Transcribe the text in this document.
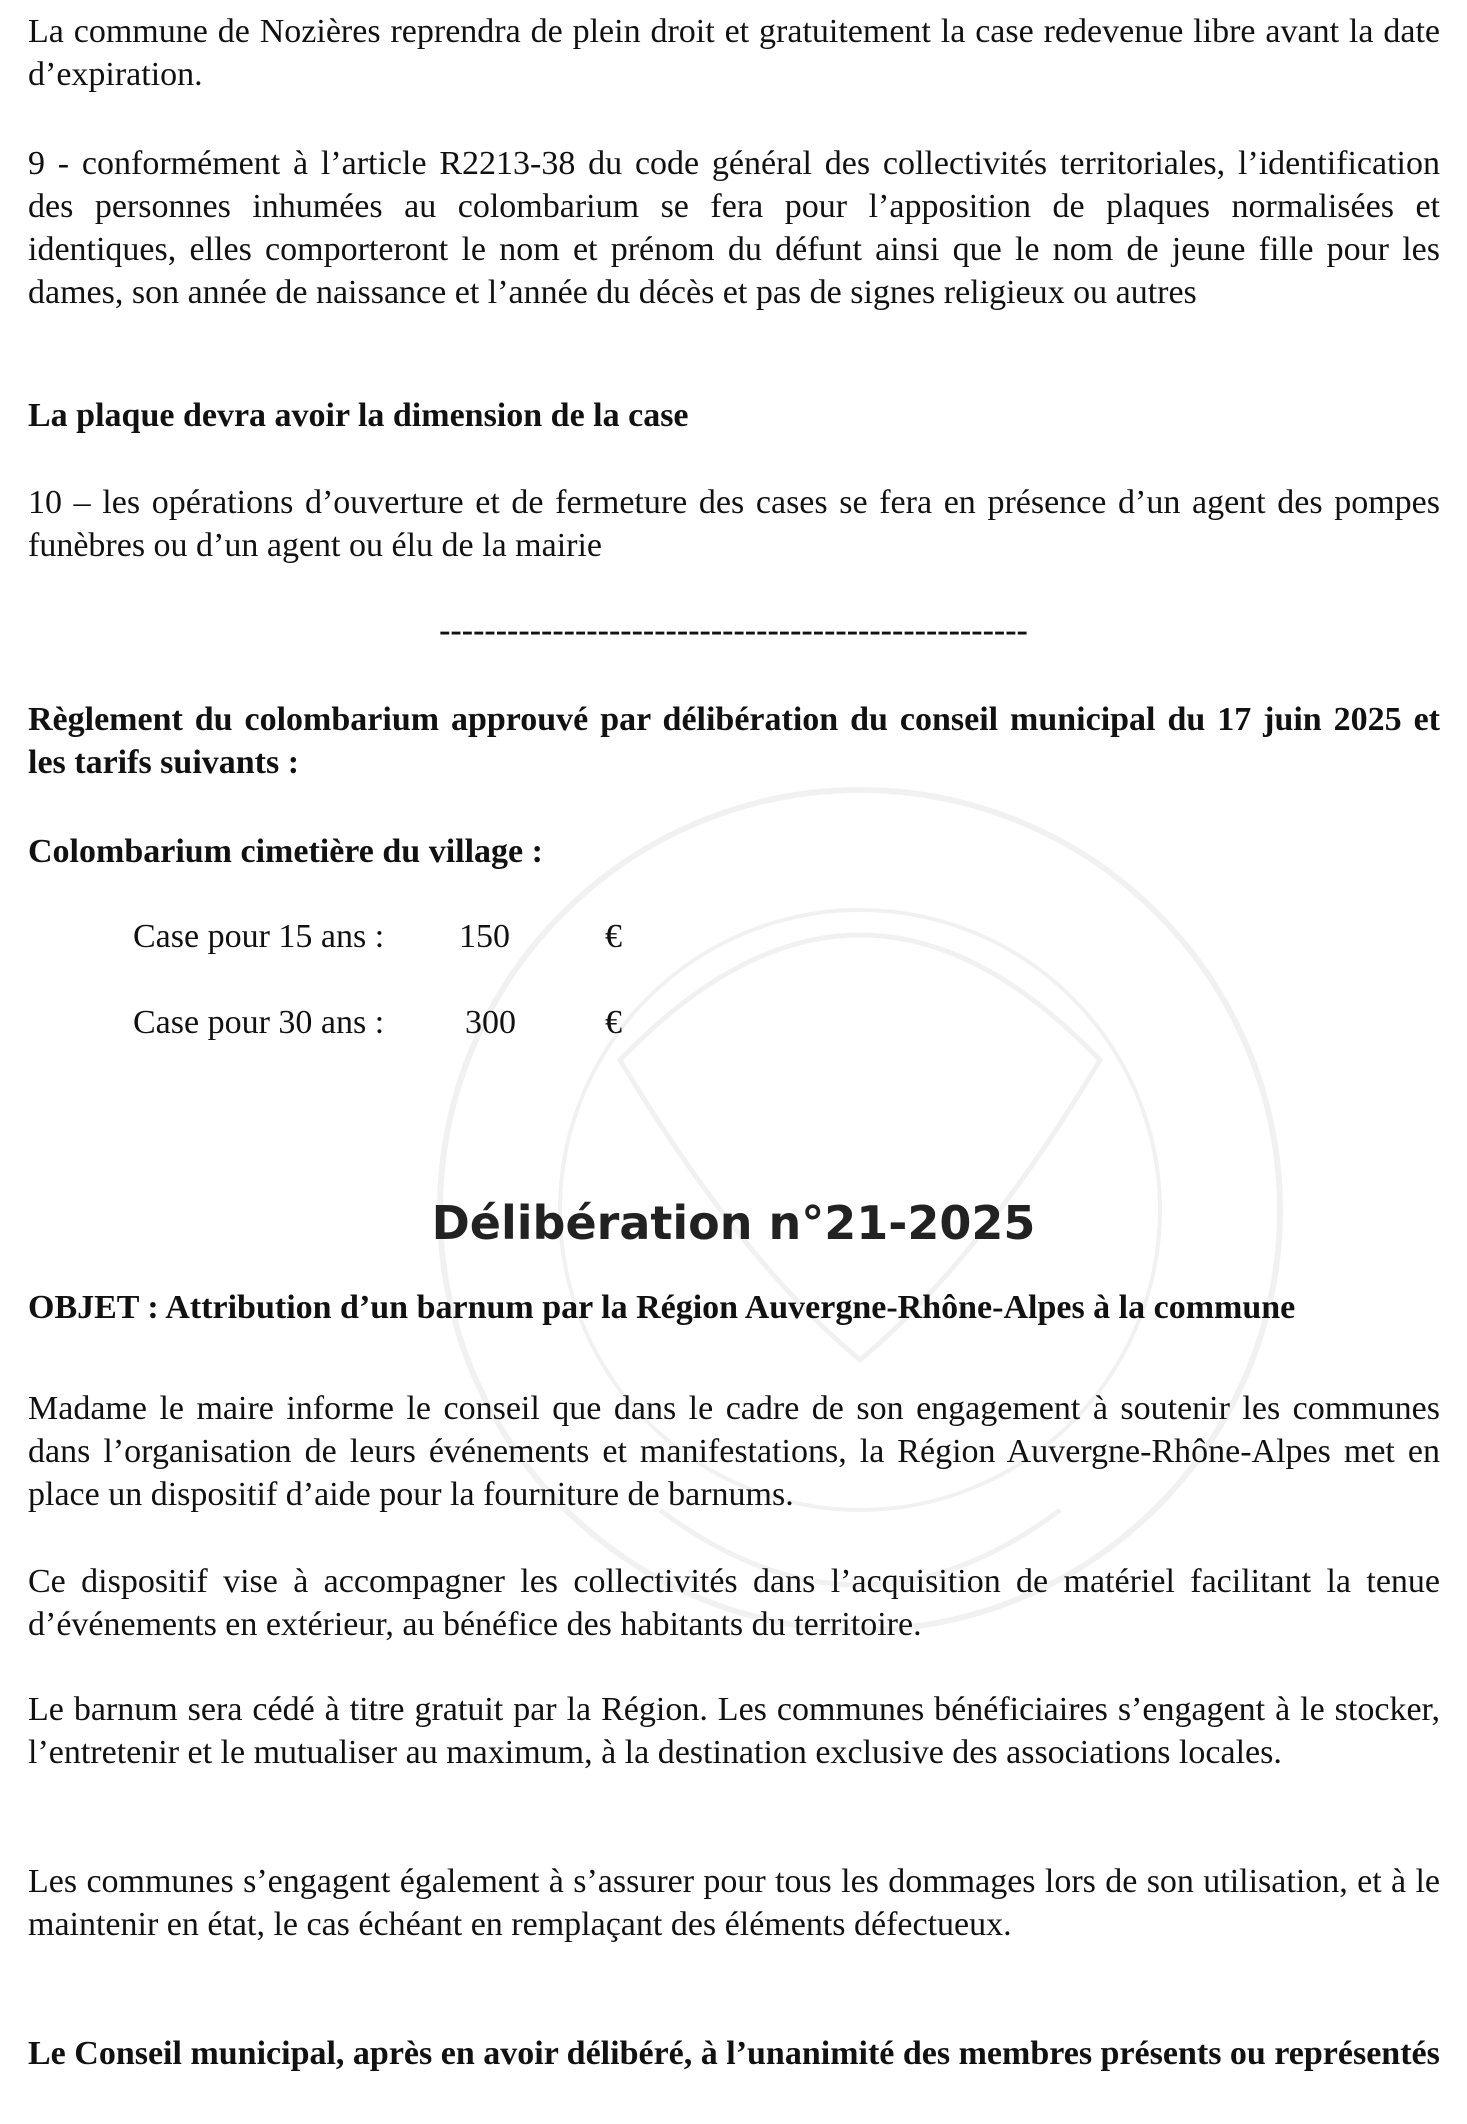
La commune de Nozières reprendra de plein droit et gratuitement la case redevenue libre avant la date d’expiration.

9 - conformément à l’article R2213-38 du code général des collectivités territoriales, l’identification des personnes inhumées au colombarium se fera pour l’apposition de plaques normalisées et identiques, elles comporteront le nom et prénom du défunt ainsi que le nom de jeune fille pour les dames, son année de naissance et l’année du décès et pas de signes religieux ou autres

La plaque devra avoir la dimension de la case

10 – les opérations d’ouverture et de fermeture des cases se fera en présence d’un agent des pompes funèbres ou d’un agent ou élu de la mairie

----------------------------------------------------

Règlement du colombarium approuvé par délibération du conseil municipal du 17 juin 2025 et les tarifs suivants :

Colombarium cimetière du village :

Case pour 15 ans : 150	€
Case pour 30 ans : 300	€
Délibération n°21-2025

OBJET : Attribution d’un barnum par la Région Auvergne-Rhône-Alpes à la commune

Madame le maire informe le conseil que dans le cadre de son engagement à soutenir les communes dans l’organisation de leurs événements et manifestations, la Région Auvergne-Rhône-Alpes met en place un dispositif d’aide pour la fourniture de barnums.

Ce dispositif vise à accompagner les collectivités dans l’acquisition de matériel facilitant la tenue d’événements en extérieur, au bénéfice des habitants du territoire.

Le barnum sera cédé à titre gratuit par la Région. Les communes bénéficiaires s’engagent à le stocker, l’entretenir et le mutualiser au maximum, à la destination exclusive des associations locales.

Les communes s’engagent également à s’assurer pour tous les dommages lors de son utilisation, et à le maintenir en état, le cas échéant en remplaçant des éléments défectueux.

Le Conseil municipal, après en avoir délibéré, à l’unanimité des membres présents ou représentés
